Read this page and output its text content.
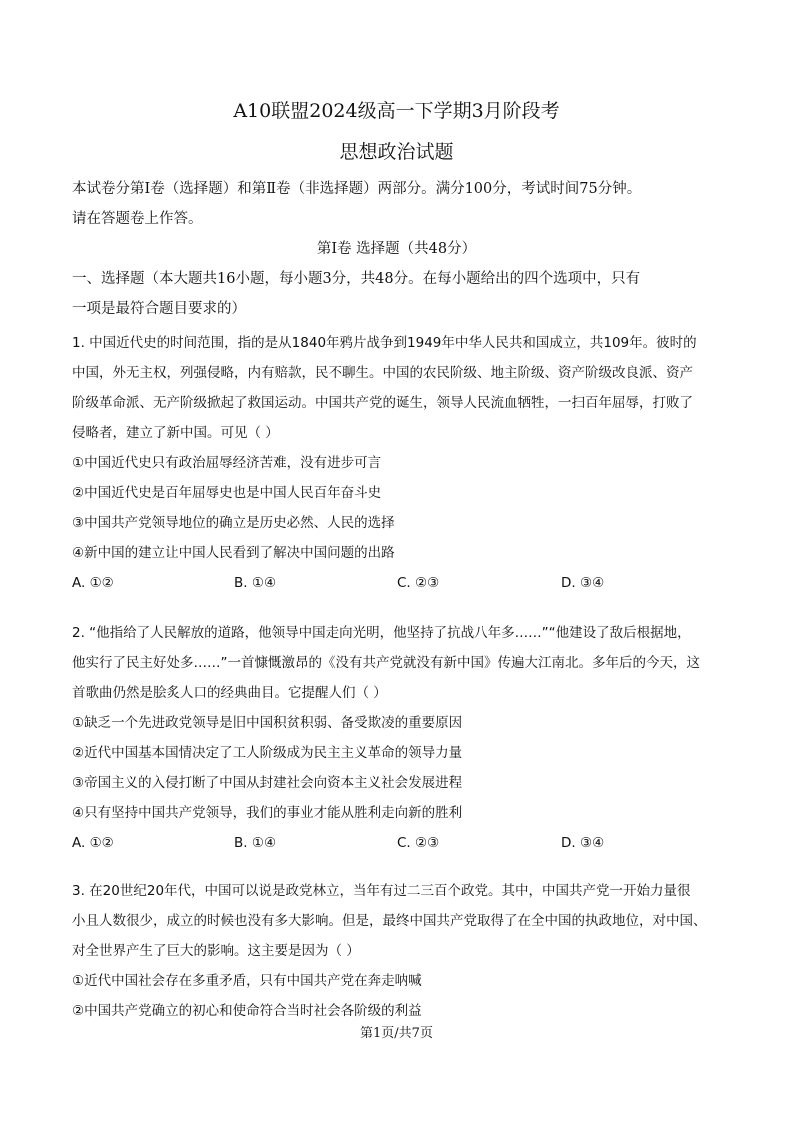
A10联盟2024级高一下学期3月阶段考
思想政治试题
本试卷分第Ⅰ卷（选择题）和第Ⅱ卷（非选择题）两部分。满分100分，考试时间75分钟。
请在答题卷上作答。
第Ⅰ卷 选择题（共48分）
一、选择题（本大题共16小题，每小题3分，共48分。在每小题给出的四个选项中，只有
一项是最符合题目要求的）
1. 中国近代史的时间范围，指的是从1840年鸦片战争到1949年中华人民共和国成立，共109年。彼时的
中国，外无主权，列强侵略，内有赔款，民不聊生。中国的农民阶级、地主阶级、资产阶级改良派、资产
阶级革命派、无产阶级掀起了救国运动。中国共产党的诞生，领导人民流血牺牲，一扫百年屈辱，打败了
侵略者，建立了新中国。可见（ ）
①中国近代史只有政治屈辱经济苦难，没有进步可言
②中国近代史是百年屈辱史也是中国人民百年奋斗史
③中国共产党领导地位的确立是历史必然、人民的选择
④新中国的建立让中国人民看到了解决中国问题的出路
A. ①②	B. ①④	C. ②③	D. ③④
2. “他指给了人民解放的道路，他领导中国走向光明，他坚持了抗战八年多……”“他建设了敌后根据地，
他实行了民主好处多……”一首慷慨激昂的《没有共产党就没有新中国》传遍大江南北。多年后的今天，这
首歌曲仍然是脍炙人口的经典曲目。它提醒人们（ ）
①缺乏一个先进政党领导是旧中国积贫积弱、备受欺凌的重要原因
②近代中国基本国情决定了工人阶级成为民主主义革命的领导力量
③帝国主义的入侵打断了中国从封建社会向资本主义社会发展进程
④只有坚持中国共产党领导，我们的事业才能从胜利走向新的胜利
A. ①②	B. ①④	C. ②③	D. ③④
3. 在20世纪20年代，中国可以说是政党林立，当年有过二三百个政党。其中，中国共产党一开始力量很
小且人数很少，成立的时候也没有多大影响。但是，最终中国共产党取得了在全中国的执政地位，对中国、
对全世界产生了巨大的影响。这主要是因为（ ）
①近代中国社会存在多重矛盾，只有中国共产党在奔走呐喊
②中国共产党确立的初心和使命符合当时社会各阶级的利益
第1页/共7页
